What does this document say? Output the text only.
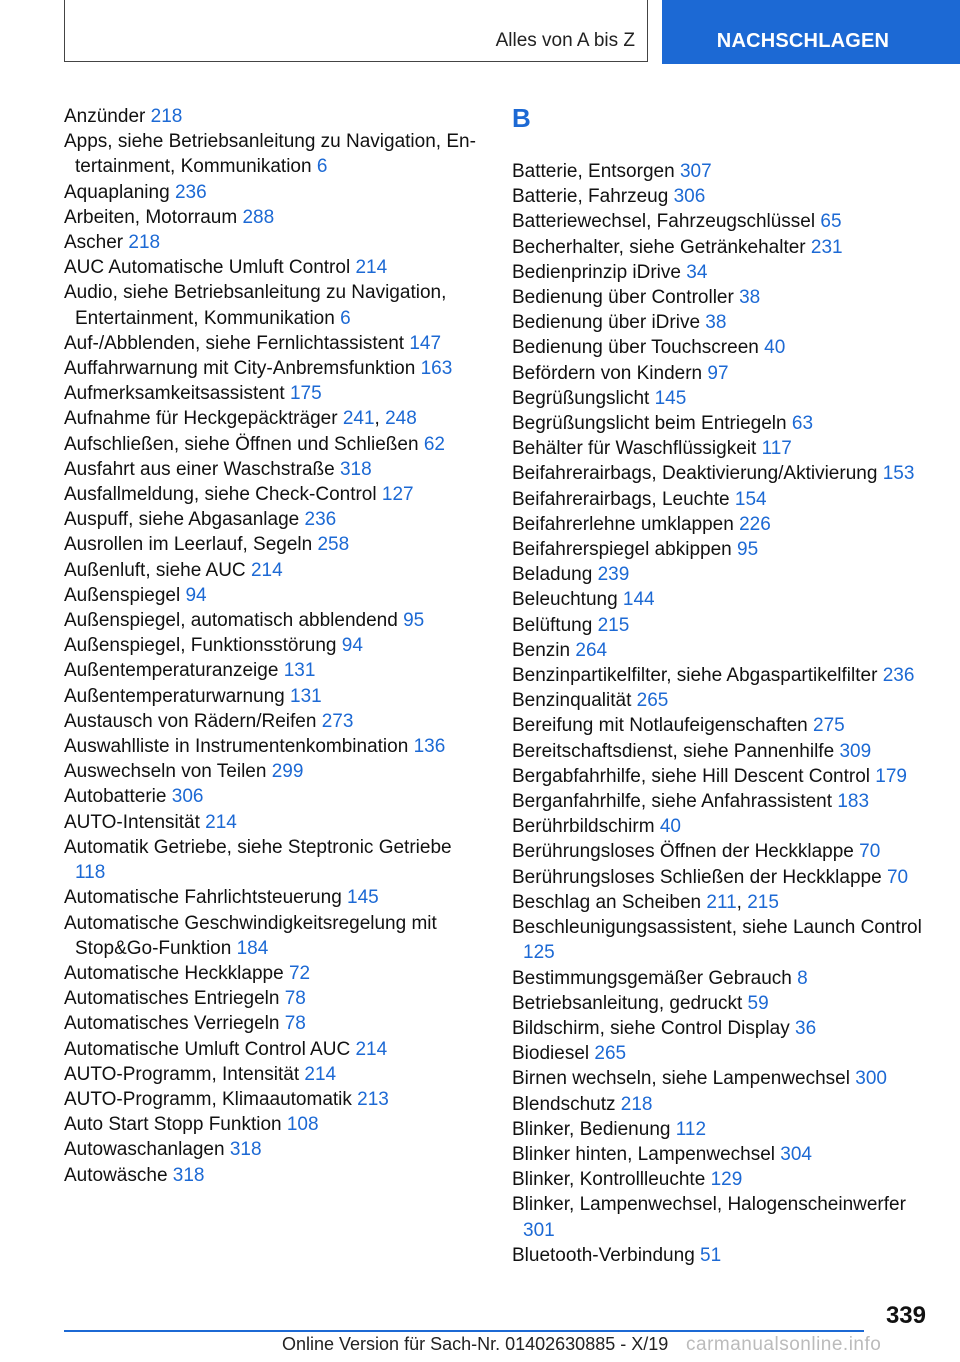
Alles von A bis Z	NACHSCHLAGEN

Anzünder 218

Apps, siehe Betriebsanleitung zu Navigation, Entertainment, Kommunikation 6

Aquaplaning 236

Arbeiten, Motorraum 288

Ascher 218

AUC Automatische Umluft Control 214

Audio, siehe Betriebsanleitung zu Navigation, Entertainment, Kommunikation 6

Auf-/Abblenden, siehe Fernlichtassistent 147

Auffahrwarnung mit City-Anbremsfunktion 163

Aufmerksamkeitsassistent 175

Aufnahme für Heckgepäckträger 241, 248

Aufschließen, siehe Öffnen und Schließen 62

Ausfahrt aus einer Waschstraße 318

Ausfallmeldung, siehe Check-Control 127

Auspuff, siehe Abgasanlage 236

Ausrollen im Leerlauf, Segeln 258

Außenluft, siehe AUC 214

Außenspiegel 94

Außenspiegel, automatisch abblendend 95

Außenspiegel, Funktionsstörung 94

Außentemperaturanzeige 131

Außentemperaturwarnung 131

Austausch von Rädern/Reifen 273

Auswahlliste in Instrumentenkombination 136

Auswechseln von Teilen 299

Autobatterie 306

AUTO-Intensität 214

Automatik Getriebe, siehe Steptronic Getriebe 118

Automatische Fahrlichtsteuerung 145

Automatische Geschwindigkeitsregelung mit Stop&Go-Funktion 184

Automatische Heckklappe 72

Automatisches Entriegeln 78

Automatisches Verriegeln 78

Automatische Umluft Control AUC 214

AUTO-Programm, Intensität 214

AUTO-Programm, Klimaautomatik 213

Auto Start Stopp Funktion 108

Autowaschanlagen 318

Autowäsche 318

B

Batterie, Entsorgen 307

Batterie, Fahrzeug 306

Batteriewechsel, Fahrzeugschlüssel 65

Becherhalter, siehe Getränkehalter 231

Bedienprinzip iDrive 34

Bedienung über Controller 38

Bedienung über iDrive 38

Bedienung über Touchscreen 40

Befördern von Kindern 97

Begrüßungslicht 145

Begrüßungslicht beim Entriegeln 63

Behälter für Waschflüssigkeit 117

Beifahrerairbags, Deaktivierung/Aktivierung 153

Beifahrerairbags, Leuchte 154

Beifahrerlehne umklappen 226

Beifahrerspiegel abkippen 95

Beladung 239

Beleuchtung 144

Belüftung 215

Benzin 264

Benzinpartikelfilter, siehe Abgaspartikelfilter 236

Benzinqualität 265

Bereifung mit Notlaufeigenschaften 275

Bereitschaftsdienst, siehe Pannenhilfe 309

Bergabfahrhilfe, siehe Hill Descent Control 179

Berganfahrhilfe, siehe Anfahrassistent 183

Berührbildschirm 40

Berührungsloses Öffnen der Heckklappe 70

Berührungsloses Schließen der Heckklappe 70

Beschlag an Scheiben 211, 215

Beschleunigungsassistent, siehe Launch Control 125

Bestimmungsgemäßer Gebrauch 8

Betriebsanleitung, gedruckt 59

Bildschirm, siehe Control Display 36

Biodiesel 265

Birnen wechseln, siehe Lampenwechsel 300

Blendschutz 218

Blinker, Bedienung 112

Blinker hinten, Lampenwechsel 304

Blinker, Kontrollleuchte 129

Blinker, Lampenwechsel, Halogenscheinwerfer 301

Bluetooth-Verbindung 51

339
Online Version für Sach-Nr. 01402630885 - X/19 carmanualsonline.info
